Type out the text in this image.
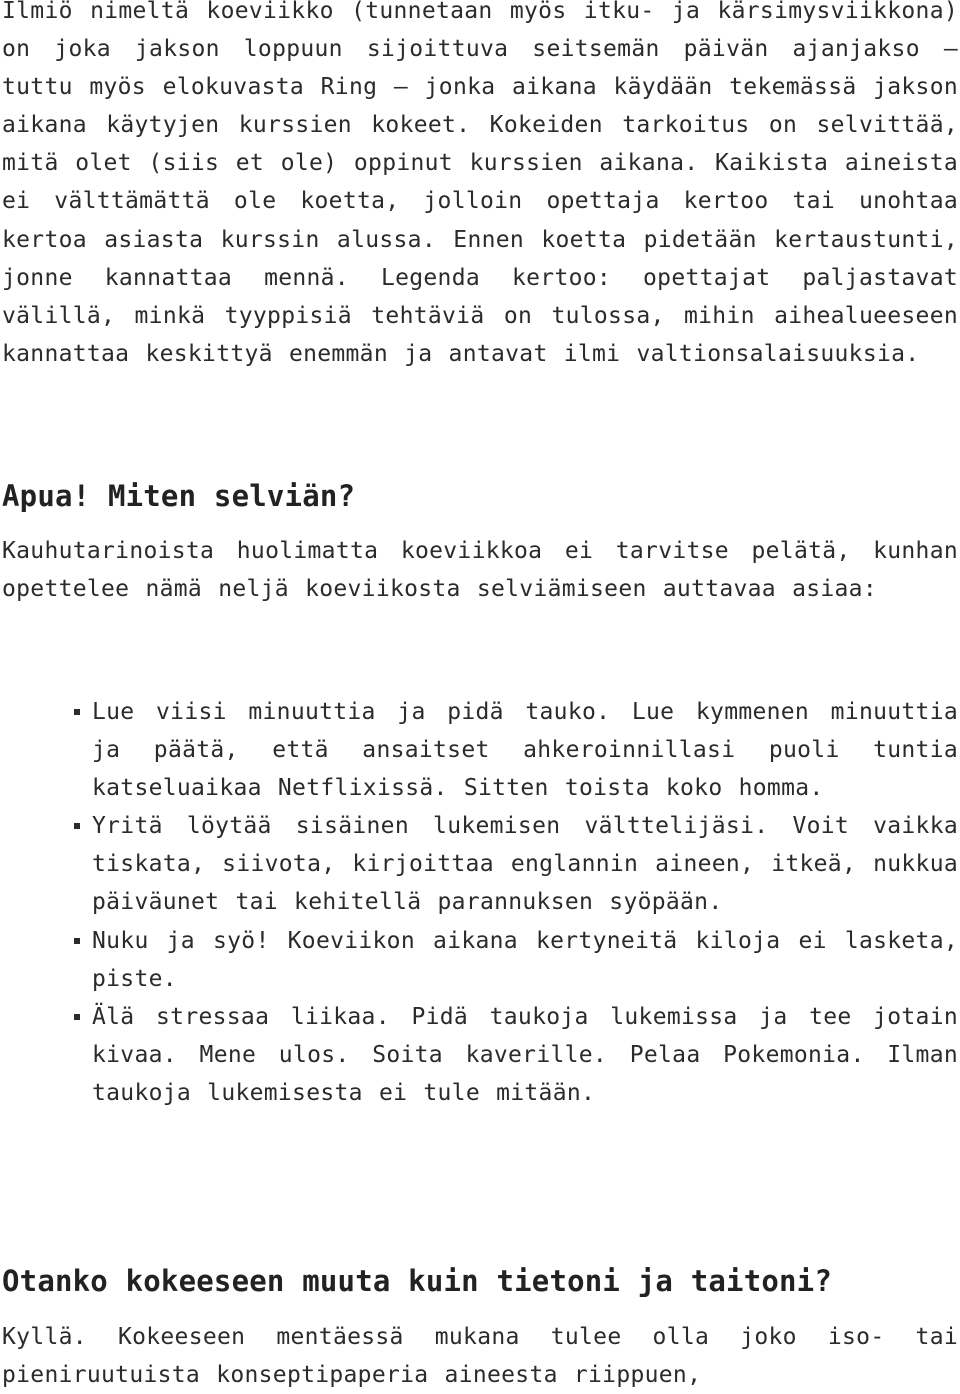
Ilmiö nimeltä koeviikko (tunnetaan myös itku- ja kärsimysviikkona) on joka jakson loppuun sijoittuva seitsemän päivän ajanjakso – tuttu myös elokuvasta Ring – jonka aikana käydään tekemässä jakson aikana käytyjen kurssien kokeet. Kokeiden tarkoitus on selvittää, mitä olet (siis et ole) oppinut kurssien aikana. Kaikista aineista ei välttämättä ole koetta, jolloin opettaja kertoo tai unohtaa kertoa asiasta kurssin alussa. Ennen koetta pidetään kertaustunti, jonne kannattaa mennä. Legenda kertoo: opettajat paljastavat välillä, minkä tyyppisiä tehtäviä on tulossa, mihin aihealueeseen kannattaa keskittyä enemmän ja antavat ilmi valtionsalaisuuksia.

Apua! Miten selviän?

Kauhutarinoista huolimatta koeviikkoa ei tarvitse pelätä, kunhan opettelee nämä neljä koeviikosta selviämiseen auttavaa asiaa:

Lue viisi minuuttia ja pidä tauko. Lue kymmenen minuuttia ja päätä, että ansaitset ahkeroinnillasi puoli tuntia katseluaikaa Netflixissä. Sitten toista koko homma.
Yritä löytää sisäinen lukemisen välttelijäsi. Voit vaikka tiskata, siivota, kirjoittaa englannin aineen, itkeä, nukkua päiväunet tai kehitellä parannuksen syöpään.
Nuku ja syö! Koeviikon aikana kertyneitä kiloja ei lasketa, piste.
Älä stressaa liikaa. Pidä taukoja lukemissa ja tee jotain kivaa. Mene ulos. Soita kaverille. Pelaa Pokemonia. Ilman taukoja lukemisesta ei tule mitään.
Otanko kokeeseen muuta kuin tietoni ja taitoni?

Kyllä. Kokeeseen mentäessä mukana tulee olla joko iso- tai pieniruutuista konseptipaperia aineesta riippuen,
